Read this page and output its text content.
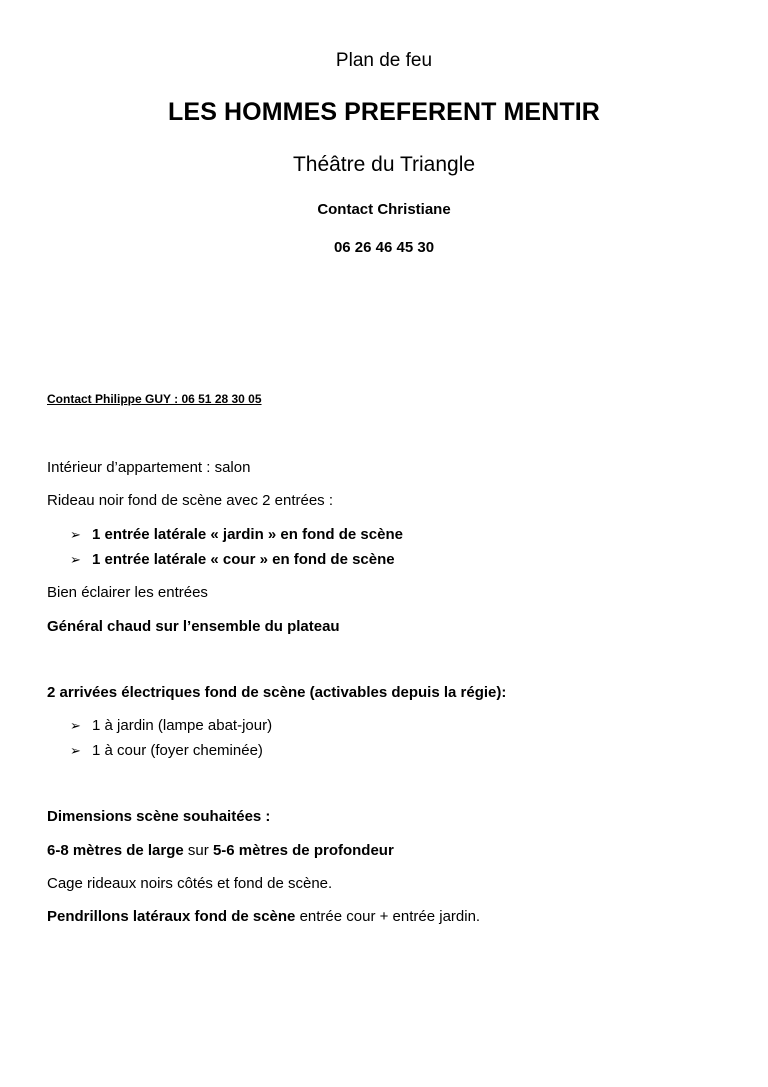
Plan de feu
LES HOMMES PREFERENT MENTIR
Théâtre du Triangle
Contact Christiane
06 26 46 45 30
Contact Philippe GUY : 06 51 28 30 05
Intérieur d’appartement : salon
Rideau noir fond de scène avec 2 entrées :
➢ 1 entrée latérale « jardin » en fond de scène
➢ 1 entrée latérale « cour » en fond de scène
Bien éclairer les entrées
Général chaud sur l’ensemble du plateau
2 arrivées électriques fond de scène (activables depuis la régie):
➢ 1 à jardin (lampe abat-jour)
➢ 1 à cour (foyer cheminée)
Dimensions scène souhaitées :
6-8 mètres de large sur 5-6 mètres de profondeur
Cage rideaux noirs côtés et fond de scène.
Pendrillons latéraux fond de scène entrée cour + entrée jardin.
